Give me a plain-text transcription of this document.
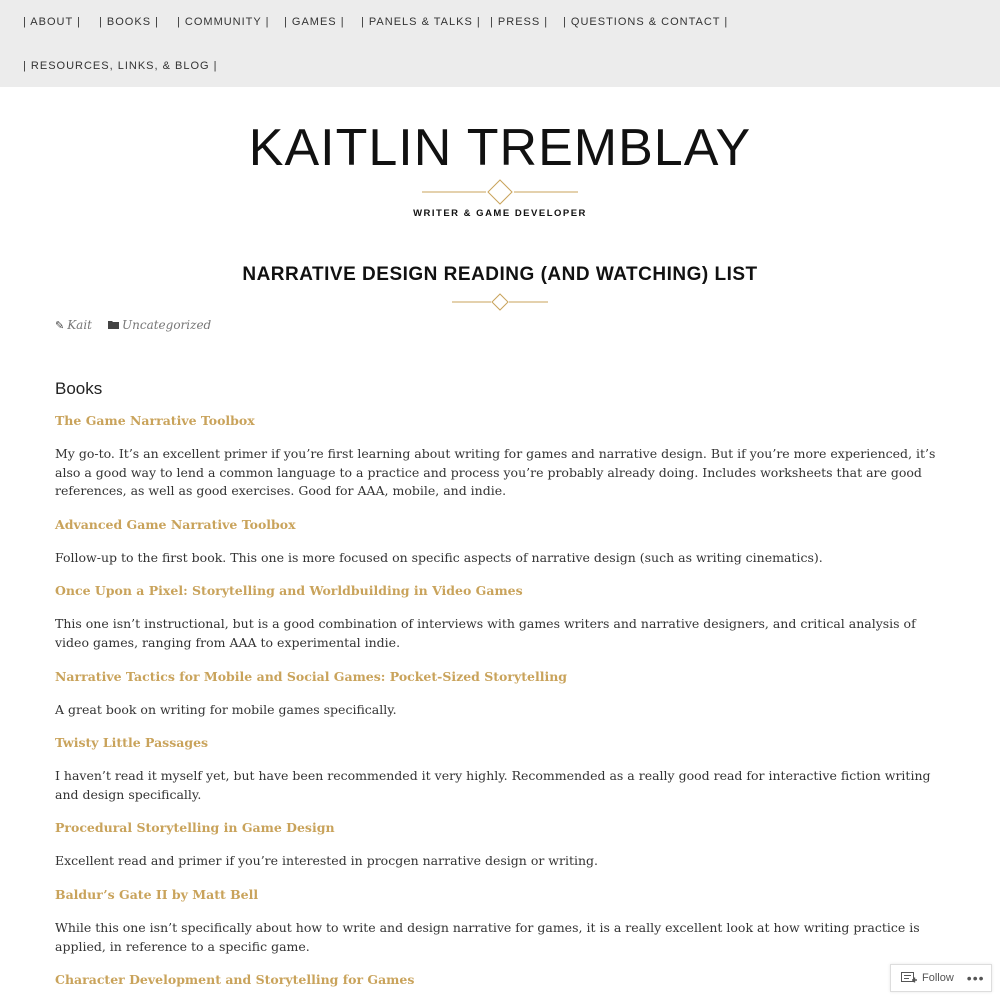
| ABOUT | | BOOKS | | COMMUNITY | | GAMES | | PANELS & TALKS | | PRESS | | QUESTIONS & CONTACT |
| RESOURCES, LINKS, & BLOG |
KAITLIN TREMBLAY
WRITER & GAME DEVELOPER
NARRATIVE DESIGN READING (AND WATCHING) LIST
✎ Kait	Uncategorized
Books
The Game Narrative Toolbox

My go-to. It’s an excellent primer if you’re first learning about writing for games and narrative design. But if you’re more experienced, it’s also a good way to lend a common language to a practice and process you’re probably already doing. Includes worksheets that are good references, as well as good exercises. Good for AAA, mobile, and indie.

Advanced Game Narrative Toolbox

Follow-up to the first book. This one is more focused on specific aspects of narrative design (such as writing cinematics).

Once Upon a Pixel: Storytelling and Worldbuilding in Video Games

This one isn’t instructional, but is a good combination of interviews with games writers and narrative designers, and critical analysis of video games, ranging from AAA to experimental indie.

Narrative Tactics for Mobile and Social Games: Pocket-Sized Storytelling

A great book on writing for mobile games specifically.

Twisty Little Passages

I haven’t read it myself yet, but have been recommended it very highly. Recommended as a really good read for interactive fiction writing and design specifically.

Procedural Storytelling in Game Design

Excellent read and primer if you’re interested in procgen narrative design or writing.

Baldur’s Gate II by Matt Bell

While this one isn’t specifically about how to write and design narrative for games, it is a really excellent look at how writing practice is applied, in reference to a specific game.

Character Development and Storytelling for Games	Follow •••
